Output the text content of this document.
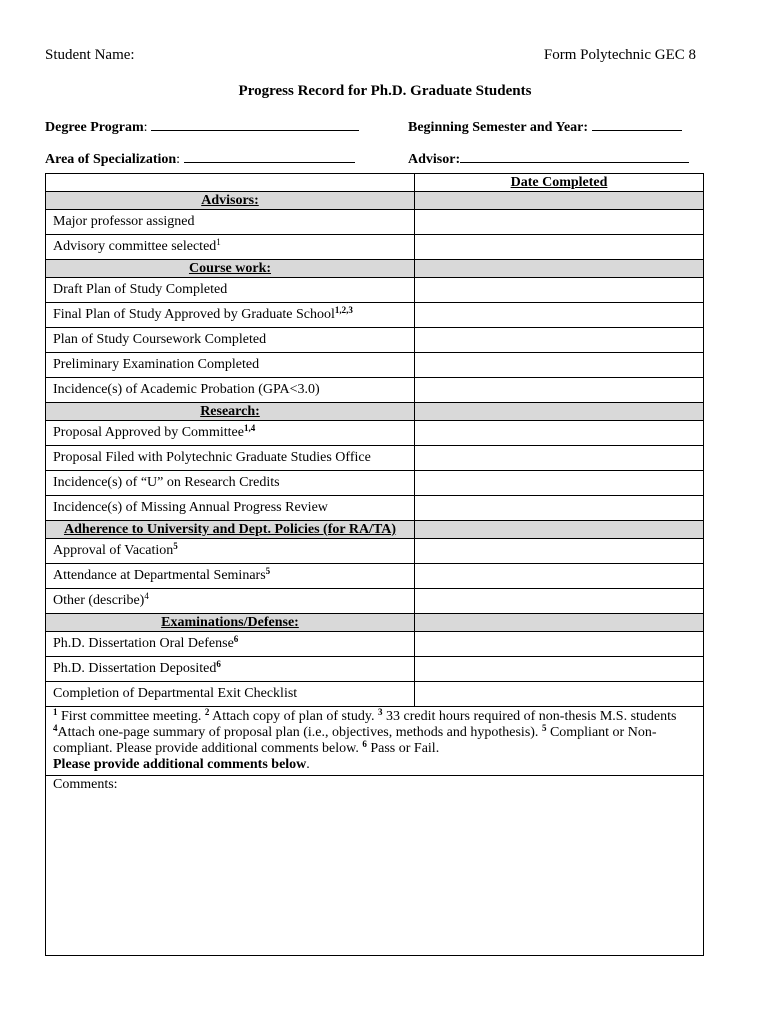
Student Name:	Form Polytechnic GEC 8
Progress Record for Ph.D. Graduate Students
Degree Program:	Beginning Semester and Year:
Area of Specialization:	Advisor:
	Date Completed
Advisors:	
Major professor assigned	
Advisory committee selected$^1$	
Course work:	
Draft Plan of Study Completed	
Final Plan of Study Approved by Graduate School$^{1,2,3}$	
Plan of Study Coursework Completed	
Preliminary Examination Completed	
Incidence(s) of Academic Probation (GPA<3.0)	
Research:	
Proposal Approved by Committee$^{1,4}$	
Proposal Filed with Polytechnic Graduate Studies Office	
Incidence(s) of “U” on Research Credits	
Incidence(s) of Missing Annual Progress Review	
Adherence to University and Dept. Policies (for RA/TA)	
Approval of Vacation$^5$	
Attendance at Departmental Seminars$^5$	
Other (describe)$^4$	
Examinations/Defense:	
Ph.D. Dissertation Oral Defense$^6$	
Ph.D. Dissertation Deposited$^6$	
Completion of Departmental Exit Checklist	
$^1$ First committee meeting. $^2$ Attach copy of plan of study. $^3$ 33 credit hours required of non-thesis M.S. students
$^4$Attach one-page summary of proposal plan (i.e., objectives, methods and hypothesis). $^5$ Compliant or Non-compliant. Please provide additional comments below. $^6$ Pass or Fail.
Please provide additional comments below.	
Comments:	
